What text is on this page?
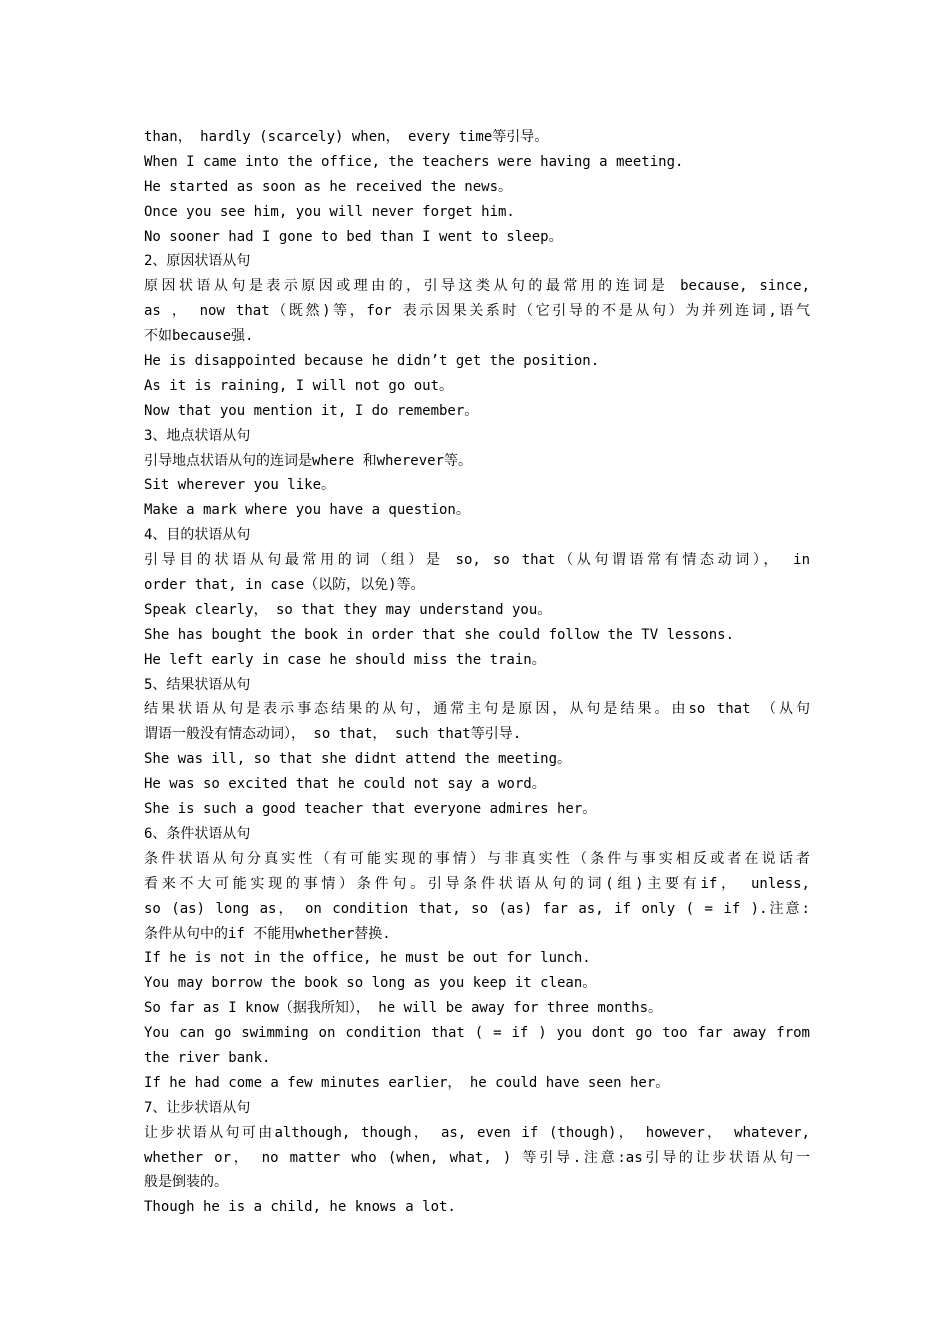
than， hardly (scarcely) when， every time等引导。
When I came into the office, the teachers were having a meeting.
He started as soon as he received the news。
Once you see him, you will never forget him.
No sooner had I gone to bed than I went to sleep。
2、原因状语从句
原因状语从句是表示原因或理由的，引导这类从句的最常用的连词是 because, since,
as ， now that（既然)等，for 表示因果关系时（它引导的不是从句）为并列连词,语气
不如because强.
He is disappointed because he didn’t get the position.
As it is raining, I will not go out。
Now that you mention it, I do remember。
3、地点状语从句
引导地点状语从句的连词是where 和wherever等。
Sit wherever you like。
Make a mark where you have a question。
4、目的状语从句
引导目的状语从句最常用的词（组）是 so, so that（从句谓语常有情态动词）， in
order that, in case（以防，以免)等。
Speak clearly， so that they may understand you。
She has bought the book in order that she could follow the TV lessons.
He left early in case he should miss the train。
5、结果状语从句
结果状语从句是表示事态结果的从句，通常主句是原因，从句是结果。由so that （从句
谓语一般没有情态动词）， so that， such that等引导.
She was ill, so that she didnt attend the meeting。
He was so excited that he could not say a word。
She is such a good teacher that everyone admires her。
6、条件状语从句
条件状语从句分真实性（有可能实现的事情）与非真实性（条件与事实相反或者在说话者
看来不大可能实现的事情）条件句。引导条件状语从句的词(组)主要有if， unless,
so (as) long as， on condition that, so (as) far as, if only ( = if ).注意:
条件从句中的if 不能用whether替换.
If he is not in the office, he must be out for lunch.
You may borrow the book so long as you keep it clean。
So far as I know（据我所知）， he will be away for three months。
You can go swimming on condition that ( = if ) you dont go too far away from
the river bank.
If he had come a few minutes earlier， he could have seen her。
7、让步状语从句
让步状语从句可由although, though， as, even if (though)， however， whatever,
whether or， no matter who (when, what, ) 等引导.注意:as引导的让步状语从句一
般是倒装的。
Though he is a child, he knows a lot.
